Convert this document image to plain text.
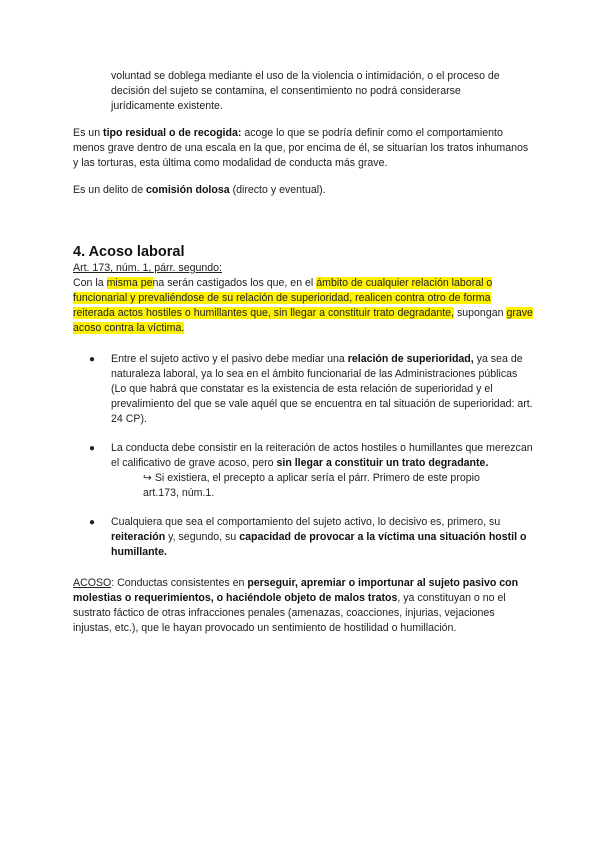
voluntad se doblega mediante el uso de la violencia o intimidación, o el proceso de
decisión del sujeto se contamina, el consentimiento no podrá considerarse
jurídicamente existente.

Es un tipo residual o de recogida: acoge lo que se podría definir como el comportamiento menos grave dentro de una escala en la que, por encima de él, se situarían los tratos inhumanos y las torturas, esta última como modalidad de conducta más grave.

Es un delito de comisión dolosa (directo y eventual).

4. Acoso laboral

Art. 173, núm. 1, párr. segundo:

Con la misma pena serán castigados los que, en el ámbito de cualquier relación laboral o funcionarial y prevaliéndose de su relación de superioridad, realicen contra otro de forma reiterada actos hostiles o humillantes que, sin llegar a constituir trato degradante, supongan grave acoso contra la víctima.

● Entre el sujeto activo y el pasivo debe mediar una relación de superioridad, ya sea de naturaleza laboral, ya lo sea en el ámbito funcionarial de las Administraciones públicas (Lo que habrá que constatar es la existencia de esta relación de superioridad y el prevalimiento del que se vale aquél que se encuentra en tal situación de superioridad: art. 24 CP).
● La conducta debe consistir en la reiteración de actos hostiles o humillantes que merezcan el calificativo de grave acoso, pero sin llegar a constituir un trato degradante.
↪ Si existiera, el precepto a aplicar sería el párr. Primero de este propio
art.173, núm.1.
● Cualquiera que sea el comportamiento del sujeto activo, lo decisivo es, primero, su reiteración y, segundo, su capacidad de provocar a la víctima una situación hostil o humillante.

ACOSO: Conductas consistentes en perseguir, apremiar o importunar al sujeto pasivo con molestias o requerimientos, o haciéndole objeto de malos tratos, ya constituyan o no el sustrato fáctico de otras infracciones penales (amenazas, coacciones, injurias, vejaciones injustas, etc.), que le hayan provocado un sentimiento de hostilidad o humillación.
